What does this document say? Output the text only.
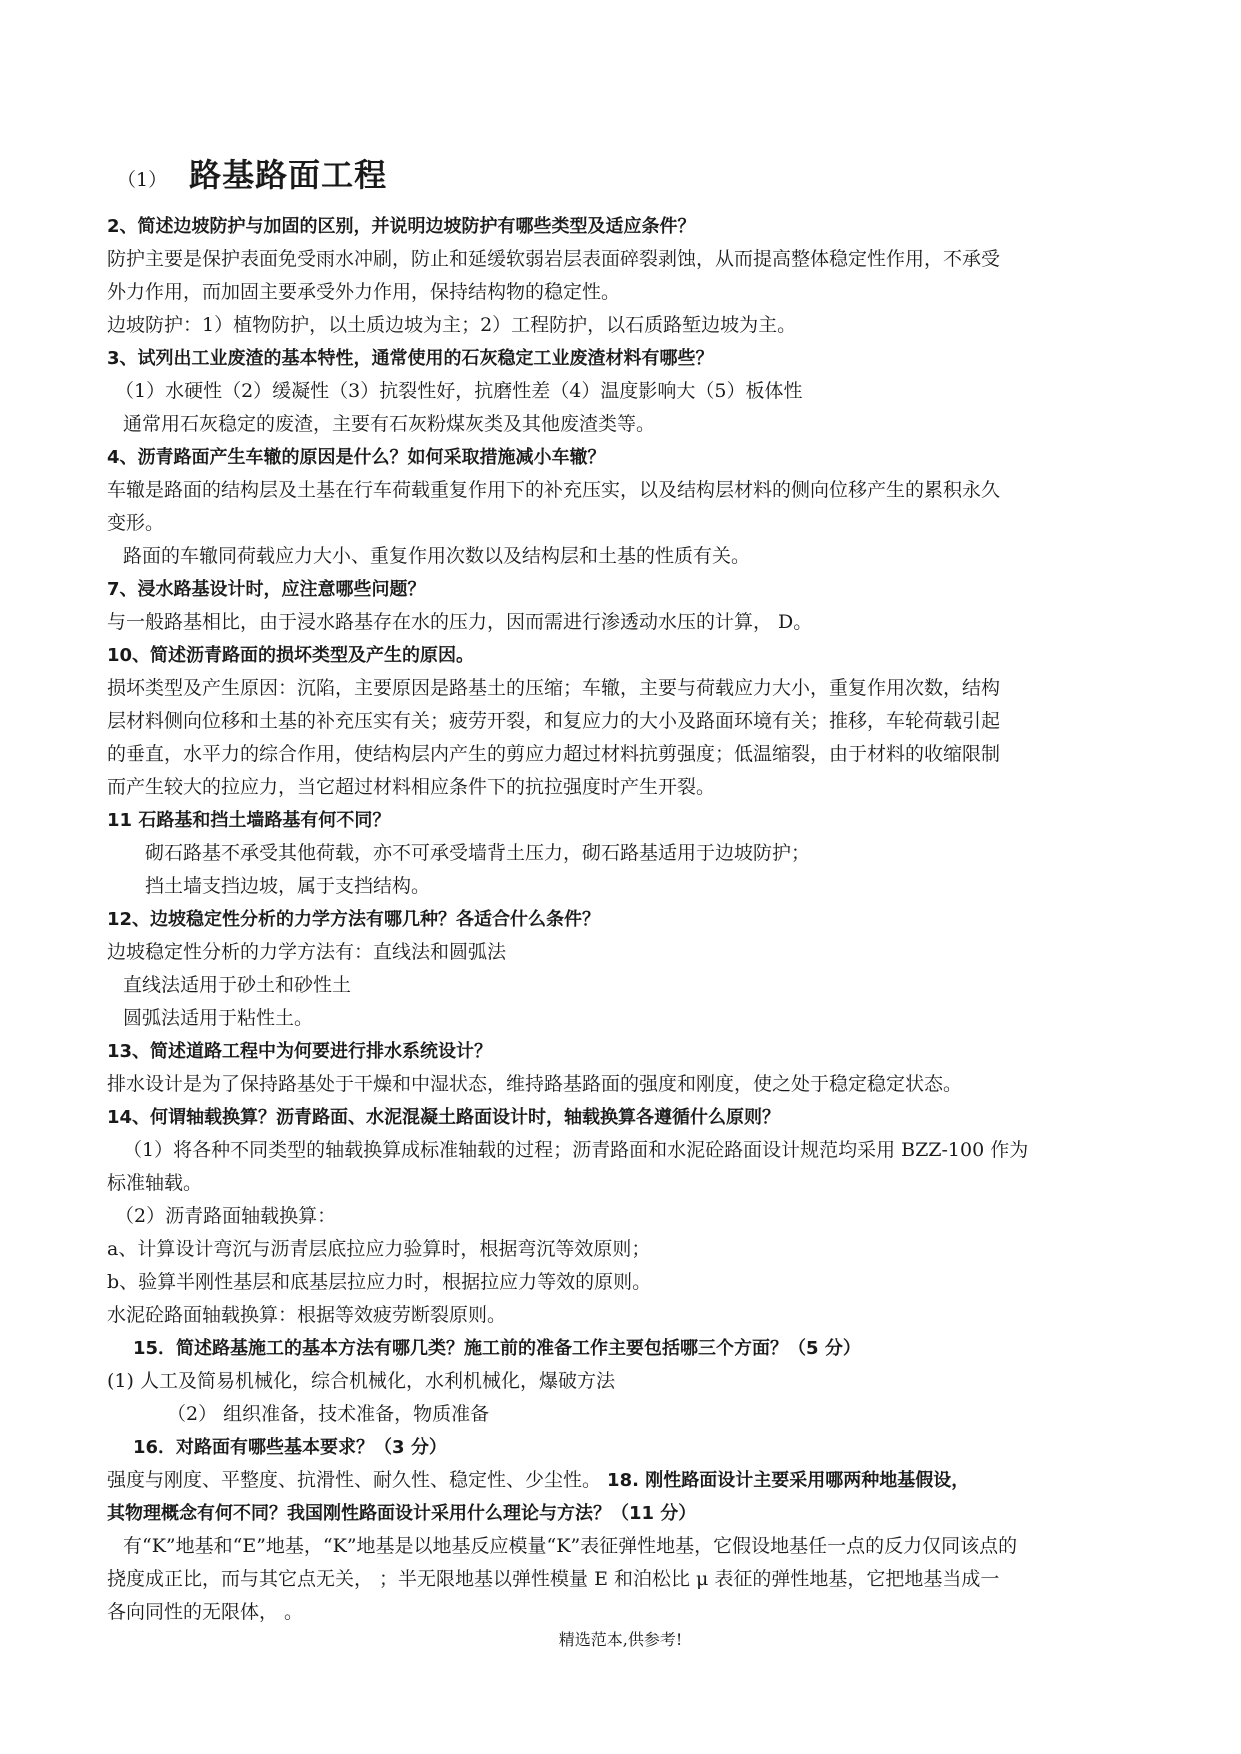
（1） 路基路面工程
2、简述边坡防护与加固的区别，并说明边坡防护有哪些类型及适应条件？
防护主要是保护表面免受雨水冲刷，防止和延缓软弱岩层表面碎裂剥蚀，从而提高整体稳定性作用，不承受
外力作用，而加固主要承受外力作用，保持结构物的稳定性。
边坡防护：1）植物防护，以土质边坡为主；2）工程防护，以石质路堑边坡为主。
3、试列出工业废渣的基本特性，通常使用的石灰稳定工业废渣材料有哪些？
（1）水硬性（2）缓凝性（3）抗裂性好，抗磨性差（4）温度影响大（5）板体性
通常用石灰稳定的废渣，主要有石灰粉煤灰类及其他废渣类等。
4、沥青路面产生车辙的原因是什么？如何采取措施减小车辙？
车辙是路面的结构层及土基在行车荷载重复作用下的补充压实，以及结构层材料的侧向位移产生的累积永久
变形。
路面的车辙同荷载应力大小、重复作用次数以及结构层和土基的性质有关。
7、浸水路基设计时，应注意哪些问题？
与一般路基相比，由于浸水路基存在水的压力，因而需进行渗透动水压的计算， D。
10、简述沥青路面的损坏类型及产生的原因。
损坏类型及产生原因：沉陷，主要原因是路基土的压缩；车辙，主要与荷载应力大小，重复作用次数，结构
层材料侧向位移和土基的补充压实有关；疲劳开裂，和复应力的大小及路面环境有关；推移，车轮荷载引起
的垂直，水平力的综合作用，使结构层内产生的剪应力超过材料抗剪强度；低温缩裂，由于材料的收缩限制
而产生较大的拉应力，当它超过材料相应条件下的抗拉强度时产生开裂。
11 石路基和挡土墙路基有何不同？
砌石路基不承受其他荷载，亦不可承受墙背土压力，砌石路基适用于边坡防护；
挡土墙支挡边坡，属于支挡结构。
12、边坡稳定性分析的力学方法有哪几种？各适合什么条件？
边坡稳定性分析的力学方法有：直线法和圆弧法
直线法适用于砂土和砂性土
圆弧法适用于粘性土。
13、简述道路工程中为何要进行排水系统设计？
排水设计是为了保持路基处于干燥和中湿状态，维持路基路面的强度和刚度，使之处于稳定稳定状态。
14、何谓轴载换算？沥青路面、水泥混凝土路面设计时，轴载换算各遵循什么原则？
（1）将各种不同类型的轴载换算成标准轴载的过程；沥青路面和水泥砼路面设计规范均采用 BZZ-100 作为
标准轴载。
（2）沥青路面轴载换算：
a、计算设计弯沉与沥青层底拉应力验算时，根据弯沉等效原则；
b、验算半刚性基层和底基层拉应力时，根据拉应力等效的原则。
水泥砼路面轴载换算：根据等效疲劳断裂原则。
15．简述路基施工的基本方法有哪几类？施工前的准备工作主要包括哪三个方面？（5 分）
(1) 人工及简易机械化，综合机械化，水利机械化，爆破方法
（2） 组织准备，技术准备，物质准备
16．对路面有哪些基本要求？（3 分）
强度与刚度、平整度、抗滑性、耐久性、稳定性、少尘性。 18. 刚性路面设计主要采用哪两种地基假设，
其物理概念有何不同？我国刚性路面设计采用什么理论与方法？（11 分）
有“K”地基和“E”地基，“K”地基是以地基反应模量“K”表征弹性地基，它假设地基任一点的反力仅同该点的
挠度成正比，而与其它点无关， ；半无限地基以弹性模量 E 和泊松比 μ 表征的弹性地基，它把地基当成一
各向同性的无限体， 。
精选范本,供参考!
